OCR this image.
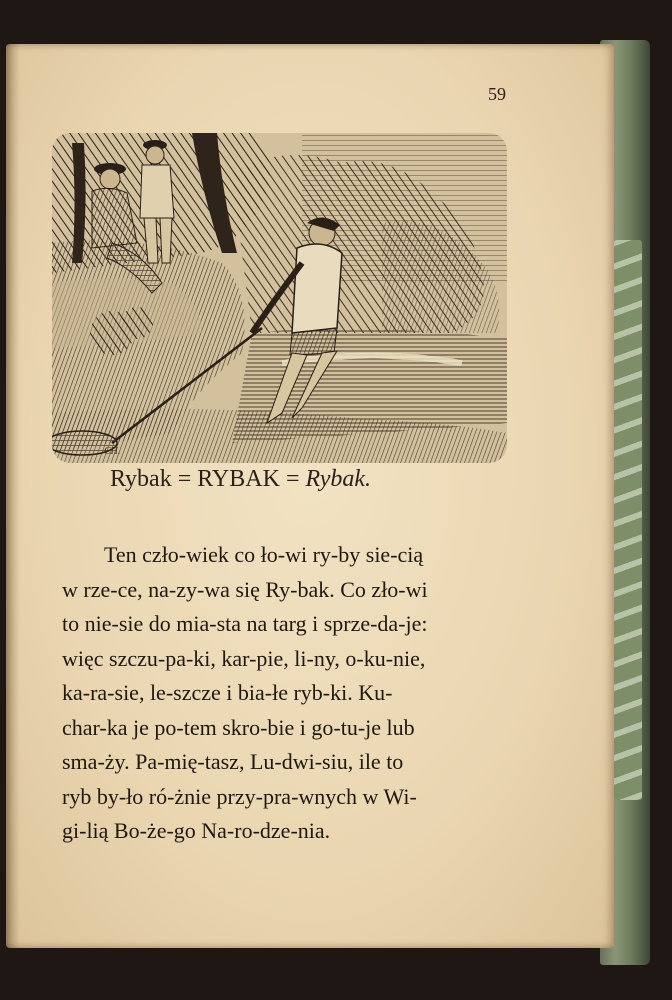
59
CH.
Rybak = RYBAK = Rybak.
Ten czło-wiek co ło-wi ry-by sie-cią
w rze-ce, na-zy-wa się Ry-bak. Co zło-wi
to nie-sie do mia-sta na targ i sprze-da-je:
więc szczu-pa-ki, kar-pie, li-ny, o-ku-nie,
ka-ra-sie, le-szcze i bia-łe ryb-ki. Ku-
char-ka je po-tem skro-bie i go-tu-je lub
sma-ży. Pa-mię-tasz, Lu-dwi-siu, ile to
ryb by-ło ró-żnie przy-pra-wnych w Wi-
gi-lią Bo-że-go Na-ro-dze-nia.
